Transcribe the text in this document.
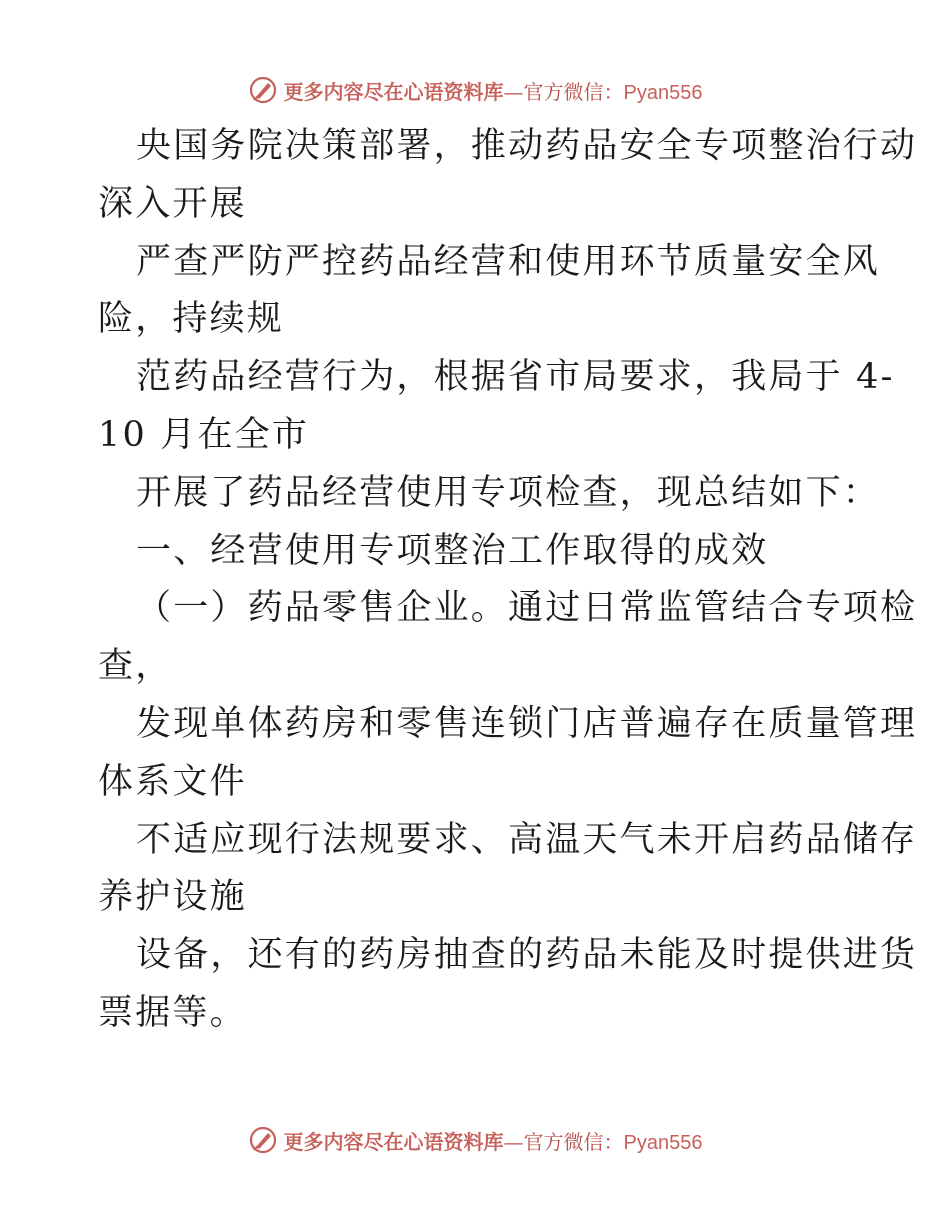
更多内容尽在心语资料库—官方微信：Pyan556
央国务院决策部署，推动药品安全专项整治行动
深入开展
严查严防严控药品经营和使用环节质量安全风
险，持续规
范药品经营行为，根据省市局要求，我局于 4-
10 月在全市
开展了药品经营使用专项检查，现总结如下：
一、经营使用专项整治工作取得的成效
（一）药品零售企业。通过日常监管结合专项检
查，
发现单体药房和零售连锁门店普遍存在质量管理
体系文件
不适应现行法规要求、高温天气未开启药品储存
养护设施
设备，还有的药房抽查的药品未能及时提供进货
票据等。
更多内容尽在心语资料库—官方微信：Pyan556
